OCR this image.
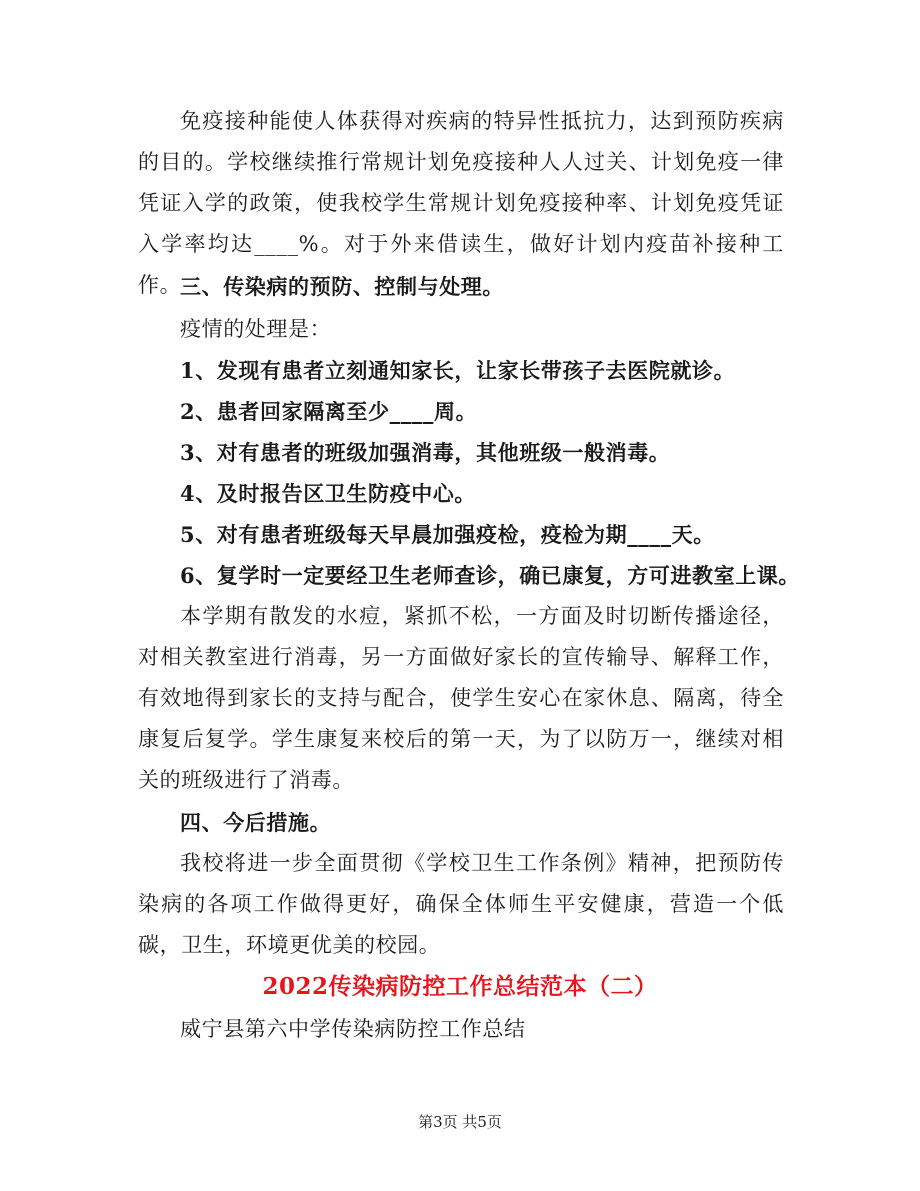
免疫接种能使人体获得对疾病的特异性抵抗力，达到预防疾病的目的。学校继续推行常规计划免疫接种人人过关、计划免疫一律凭证入学的政策，使我校学生常规计划免疫接种率、计划免疫凭证入学率均达____%。对于外来借读生，做好计划内疫苗补接种工作。

三、传染病的预防、控制与处理。

疫情的处理是：

1、发现有患者立刻通知家长，让家长带孩子去医院就诊。

2、患者回家隔离至少____周。

3、对有患者的班级加强消毒，其他班级一般消毒。

4、及时报告区卫生防疫中心。

5、对有患者班级每天早晨加强疫检，疫检为期____天。

6、复学时一定要经卫生老师查诊，确已康复，方可进教室上课。

本学期有散发的水痘，紧抓不松，一方面及时切断传播途径，对相关教室进行消毒，另一方面做好家长的宣传输导、解释工作，有效地得到家长的支持与配合，使学生安心在家休息、隔离，待全康复后复学。学生康复来校后的第一天，为了以防万一，继续对相关的班级进行了消毒。

四、今后措施。

我校将进一步全面贯彻《学校卫生工作条例》精神，把预防传染病的各项工作做得更好，确保全体师生平安健康，营造一个低碳，卫生，环境更优美的校园。

2022传染病防控工作总结范本（二）

威宁县第六中学传染病防控工作总结

第3页 共5页
